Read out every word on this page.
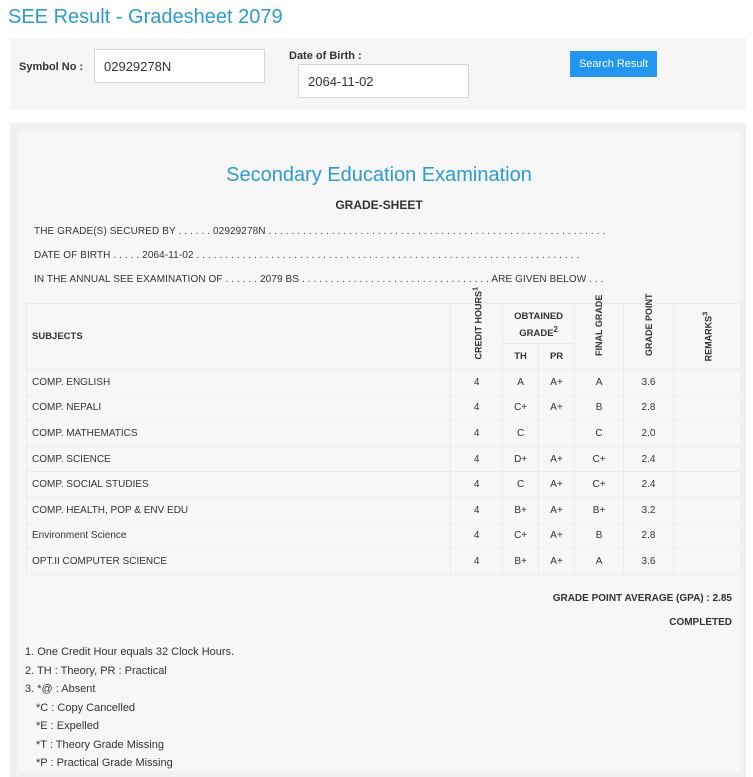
SEE Result - Gradesheet 2079
Symbol No :	02929278N
Date of Birth :
2064-11-02
Search Result
Secondary Education Examination
GRADE-SHEET
THE GRADE(S) SECURED BY . . . . . . 02929278N . . . . . . . . . . . . . . . . . . . . . . . . . . . . . . . . . . . . . . . . . . . . . . . . . . . . . . . . . . .
DATE OF BIRTH . . . . . 2064-11-02 . . . . . . . . . . . . . . . . . . . . . . . . . . . . . . . . . . . . . . . . . . . . . . . . . . . . . . . . . . . . . . . . . . .
IN THE ANNUAL SEE EXAMINATION OF . . . . . . 2079 BS . . . . . . . . . . . . . . . . . . . . . . . . . . . . . . . . . ARE GIVEN BELOW . . .
SUBJECTS	CREDIT HOURS$^1$	OBTAINED GRADE$^2$		FINAL GRADE	GRADE POINT	REMARKS$^3$
		TH	PR			
COMP. ENGLISH	4	A	A+	A	3.6	
COMP. NEPALI	4	C+	A+	B	2.8	
COMP. MATHEMATICS	4	C		C	2.0	
COMP. SCIENCE	4	D+	A+	C+	2.4	
COMP. SOCIAL STUDIES	4	C	A+	C+	2.4	
COMP. HEALTH, POP & ENV EDU	4	B+	A+	B+	3.2	
Environment Science	4	C+	A+	B	2.8	
OPT.II COMPUTER SCIENCE	4	B+	A+	A	3.6	
GRADE POINT AVERAGE (GPA) : 2.85
COMPLETED
1. One Credit Hour equals 32 Clock Hours.
2. TH : Theory, PR : Practical
3. *@ : Absent
*C : Copy Cancelled
*E : Expelled
*T : Theory Grade Missing
*P : Practical Grade Missing
